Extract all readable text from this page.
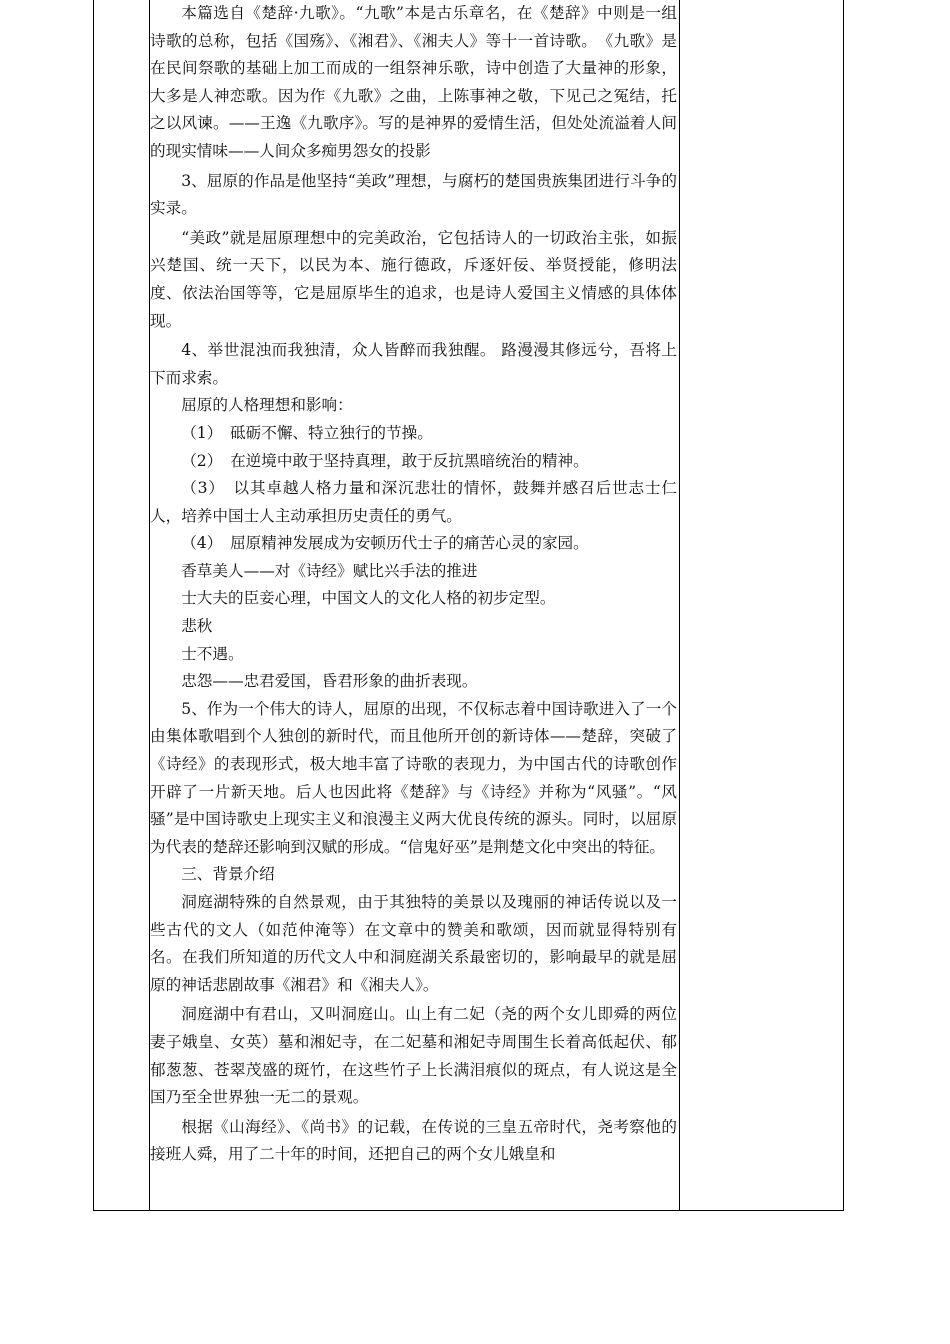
本篇选自《楚辞·九歌》。“九歌”本是古乐章名，在《楚辞》中则是一组诗歌的总称，包括《国殇》、《湘君》、《湘夫人》等十一首诗歌。　《九歌》是在民间祭歌的基础上加工而成的一组祭神乐歌，诗中创造了大量神的形象，大多是人神恋歌。因为作《九歌》之曲，上陈事神之敬，下见己之冤结，托之以风谏。——王逸《九歌序》。写的是神界的爱情生活，但处处流溢着人间的现实情味——人间众多痴男怨女的投影

3、屈原的作品是他坚持“美政”理想，与腐朽的楚国贵族集团进行斗争的实录。

“美政”就是屈原理想中的完美政治，它包括诗人的一切政治主张，如振兴楚国、统一天下，以民为本、施行德政，斥逐奸佞、举贤授能，修明法度、依法治国等等，它是屈原毕生的追求，也是诗人爱国主义情感的具体体现。

4、举世混浊而我独清，众人皆醉而我独醒。 路漫漫其修远兮，吾将上下而求索。

屈原的人格理想和影响：

（1）　砥砺不懈、特立独行的节操。

（2）　在逆境中敢于坚持真理，敢于反抗黑暗统治的精神。

（3）　以其卓越人格力量和深沉悲壮的情怀，鼓舞并感召后世志士仁人，培养中国士人主动承担历史责任的勇气。

（4）　屈原精神发展成为安顿历代士子的痛苦心灵的家园。

香草美人——对《诗经》赋比兴手法的推进

士大夫的臣妾心理，中国文人的文化人格的初步定型。

悲秋

士不遇。

忠怨——忠君爱国，昏君形象的曲折表现。

5、作为一个伟大的诗人，屈原的出现，不仅标志着中国诗歌进入了一个由集体歌唱到个人独创的新时代，而且他所开创的新诗体——楚辞，突破了《诗经》的表现形式，极大地丰富了诗歌的表现力，为中国古代的诗歌创作开辟了一片新天地。后人也因此将《楚辞》与《诗经》并称为“风骚”。“风骚”是中国诗歌史上现实主义和浪漫主义两大优良传统的源头。同时，以屈原为代表的楚辞还影响到汉赋的形成。“信鬼好巫”是荆楚文化中突出的特征。

三、背景介绍

洞庭湖特殊的自然景观，由于其独特的美景以及瑰丽的神话传说以及一些古代的文人（如范仲淹等）在文章中的赞美和歌颂，因而就显得特别有名。在我们所知道的历代文人中和洞庭湖关系最密切的，影响最早的就是屈原的神话悲剧故事《湘君》和《湘夫人》。

洞庭湖中有君山，又叫洞庭山。山上有二妃（尧的两个女儿即舜的两位妻子娥皇、女英）墓和湘妃寺，在二妃墓和湘妃寺周围生长着高低起伏、郁郁葱葱、苍翠茂盛的斑竹，在这些竹子上长满泪痕似的斑点，有人说这是全国乃至全世界独一无二的景观。

根据《山海经》、《尚书》的记载，在传说的三皇五帝时代，尧考察他的接班人舜，用了二十年的时间，还把自己的两个女儿娥皇和
